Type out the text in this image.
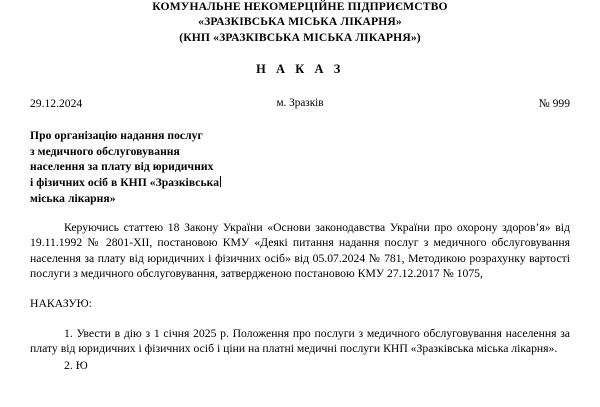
КОМУНАЛЬНЕ НЕКОМЕРЦІЙНЕ ПІДПРИЄМСТВО
«ЗРАЗКІВСЬКА МІСЬКА ЛІКАРНЯ»
(КНП «ЗРАЗКІВСЬКА МІСЬКА ЛІКАРНЯ»)
Н А К А З
29.12.2024	м. Зразків	№ 999
Про організацію надання послуг
з медичного обслуговування
населення за плату від юридичних
і фізичних осіб в КНП «Зразківська
міська лікарня»
Керуючись статтею 18 Закону України «Основи законодавства України про охорону здоров’я» від 19.11.1992 № 2801-XII, постановою КМУ «Деякі питання надання послуг з медичного обслуговування населення за плату від юридичних і фізичних осіб» від 05.07.2024 № 781, Методикою розрахунку вартості послуги з медичного обслуговування, затвердженою постановою КМУ 27.12.2017 № 1075,
НАКАЗУЮ:
1. Увести в дію з 1 січня 2025 р. Положення про послуги з медичного обслуговування населення за плату від юридичних і фізичних осіб і ціни на платні медичні послуги КНП «Зразківська міська лікарня».
2. Ю
